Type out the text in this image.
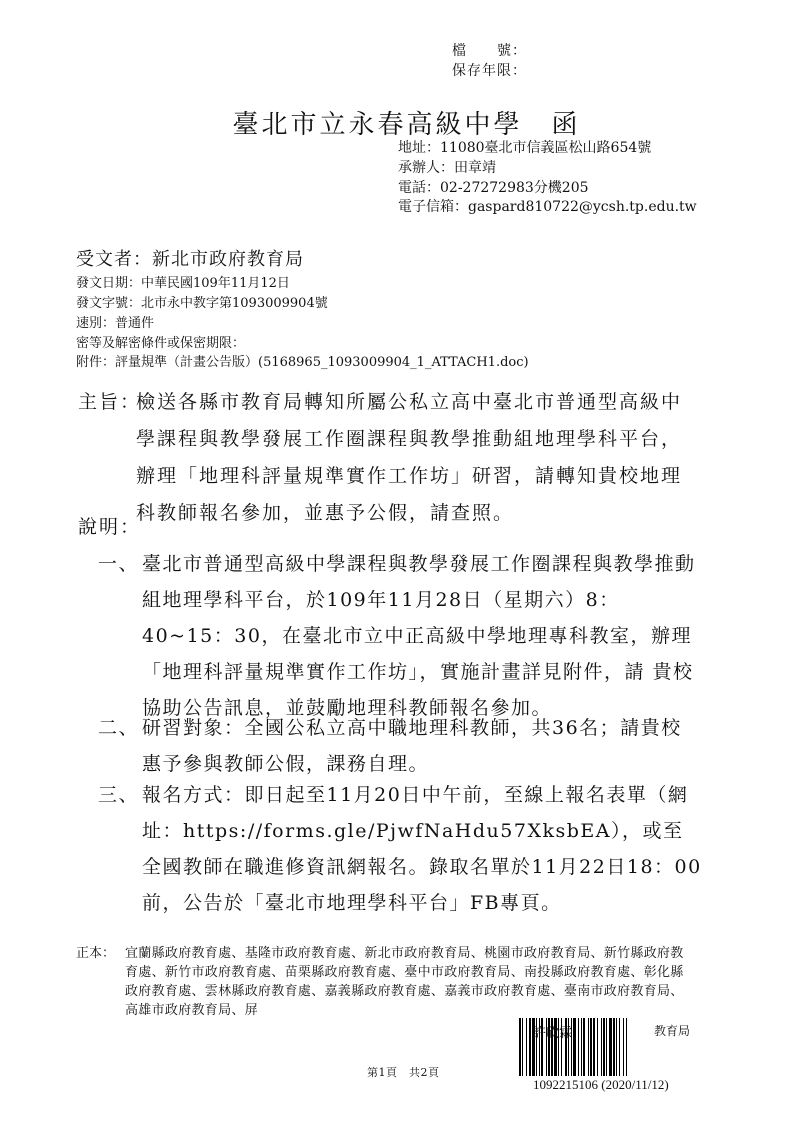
檔　　號：
保存年限：
臺北市立永春高級中學　函
地址：11080臺北市信義區松山路654號
承辦人：田章靖
電話：02-27272983分機205
電子信箱：gaspard810722@ycsh.tp.edu.tw
受文者：新北市政府教育局
發文日期：中華民國109年11月12日
發文字號：北市永中教字第1093009904號
速別：普通件
密等及解密條件或保密期限：
附件：評量規準（計畫公告版）(5168965_1093009904_1_ATTACH1.doc)
主旨：
檢送各縣市教育局轉知所屬公私立高中臺北市普通型高級中學課程與教學發展工作圈課程與教學推動組地理學科平台，辦理「地理科評量規準實作工作坊」研習，請轉知貴校地理科教師報名參加，並惠予公假，請查照。
說明：
一、 臺北市普通型高級中學課程與教學發展工作圈課程與教學推動組地理學科平台，於109年11月28日（星期六）8：40~15：30，在臺北市立中正高級中學地理專科教室，辦理「地理科評量規準實作工作坊」，實施計畫詳見附件，請 貴校協助公告訊息，並鼓勵地理科教師報名參加。
二、 研習對象：全國公私立高中職地理科教師，共36名；請貴校惠予參與教師公假，課務自理。
三、 報名方式：即日起至11月20日中午前，至線上報名表單（網址：https://forms.gle/PjwfNaHdu57XksbEA），或至全國教師在職進修資訊網報名。錄取名單於11月22日18：00前，公告於「臺北市地理學科平台」FB專頁。
正本： 宜蘭縣政府教育處、基隆市政府教育處、新北市政府教育局、桃園市政府教育局、新竹縣政府教育處、新竹市政府教育處、苗栗縣政府教育處、臺中市政府教育局、南投縣政府教育處、彰化縣政府教育處、雲林縣政府教育處、嘉義縣政府教育處、嘉義市政府教育處、臺南市政府教育局、高雄市政府教育局、屏
第1頁　共2頁
許欣霖	教育局
1092215106 (2020/11/12)
